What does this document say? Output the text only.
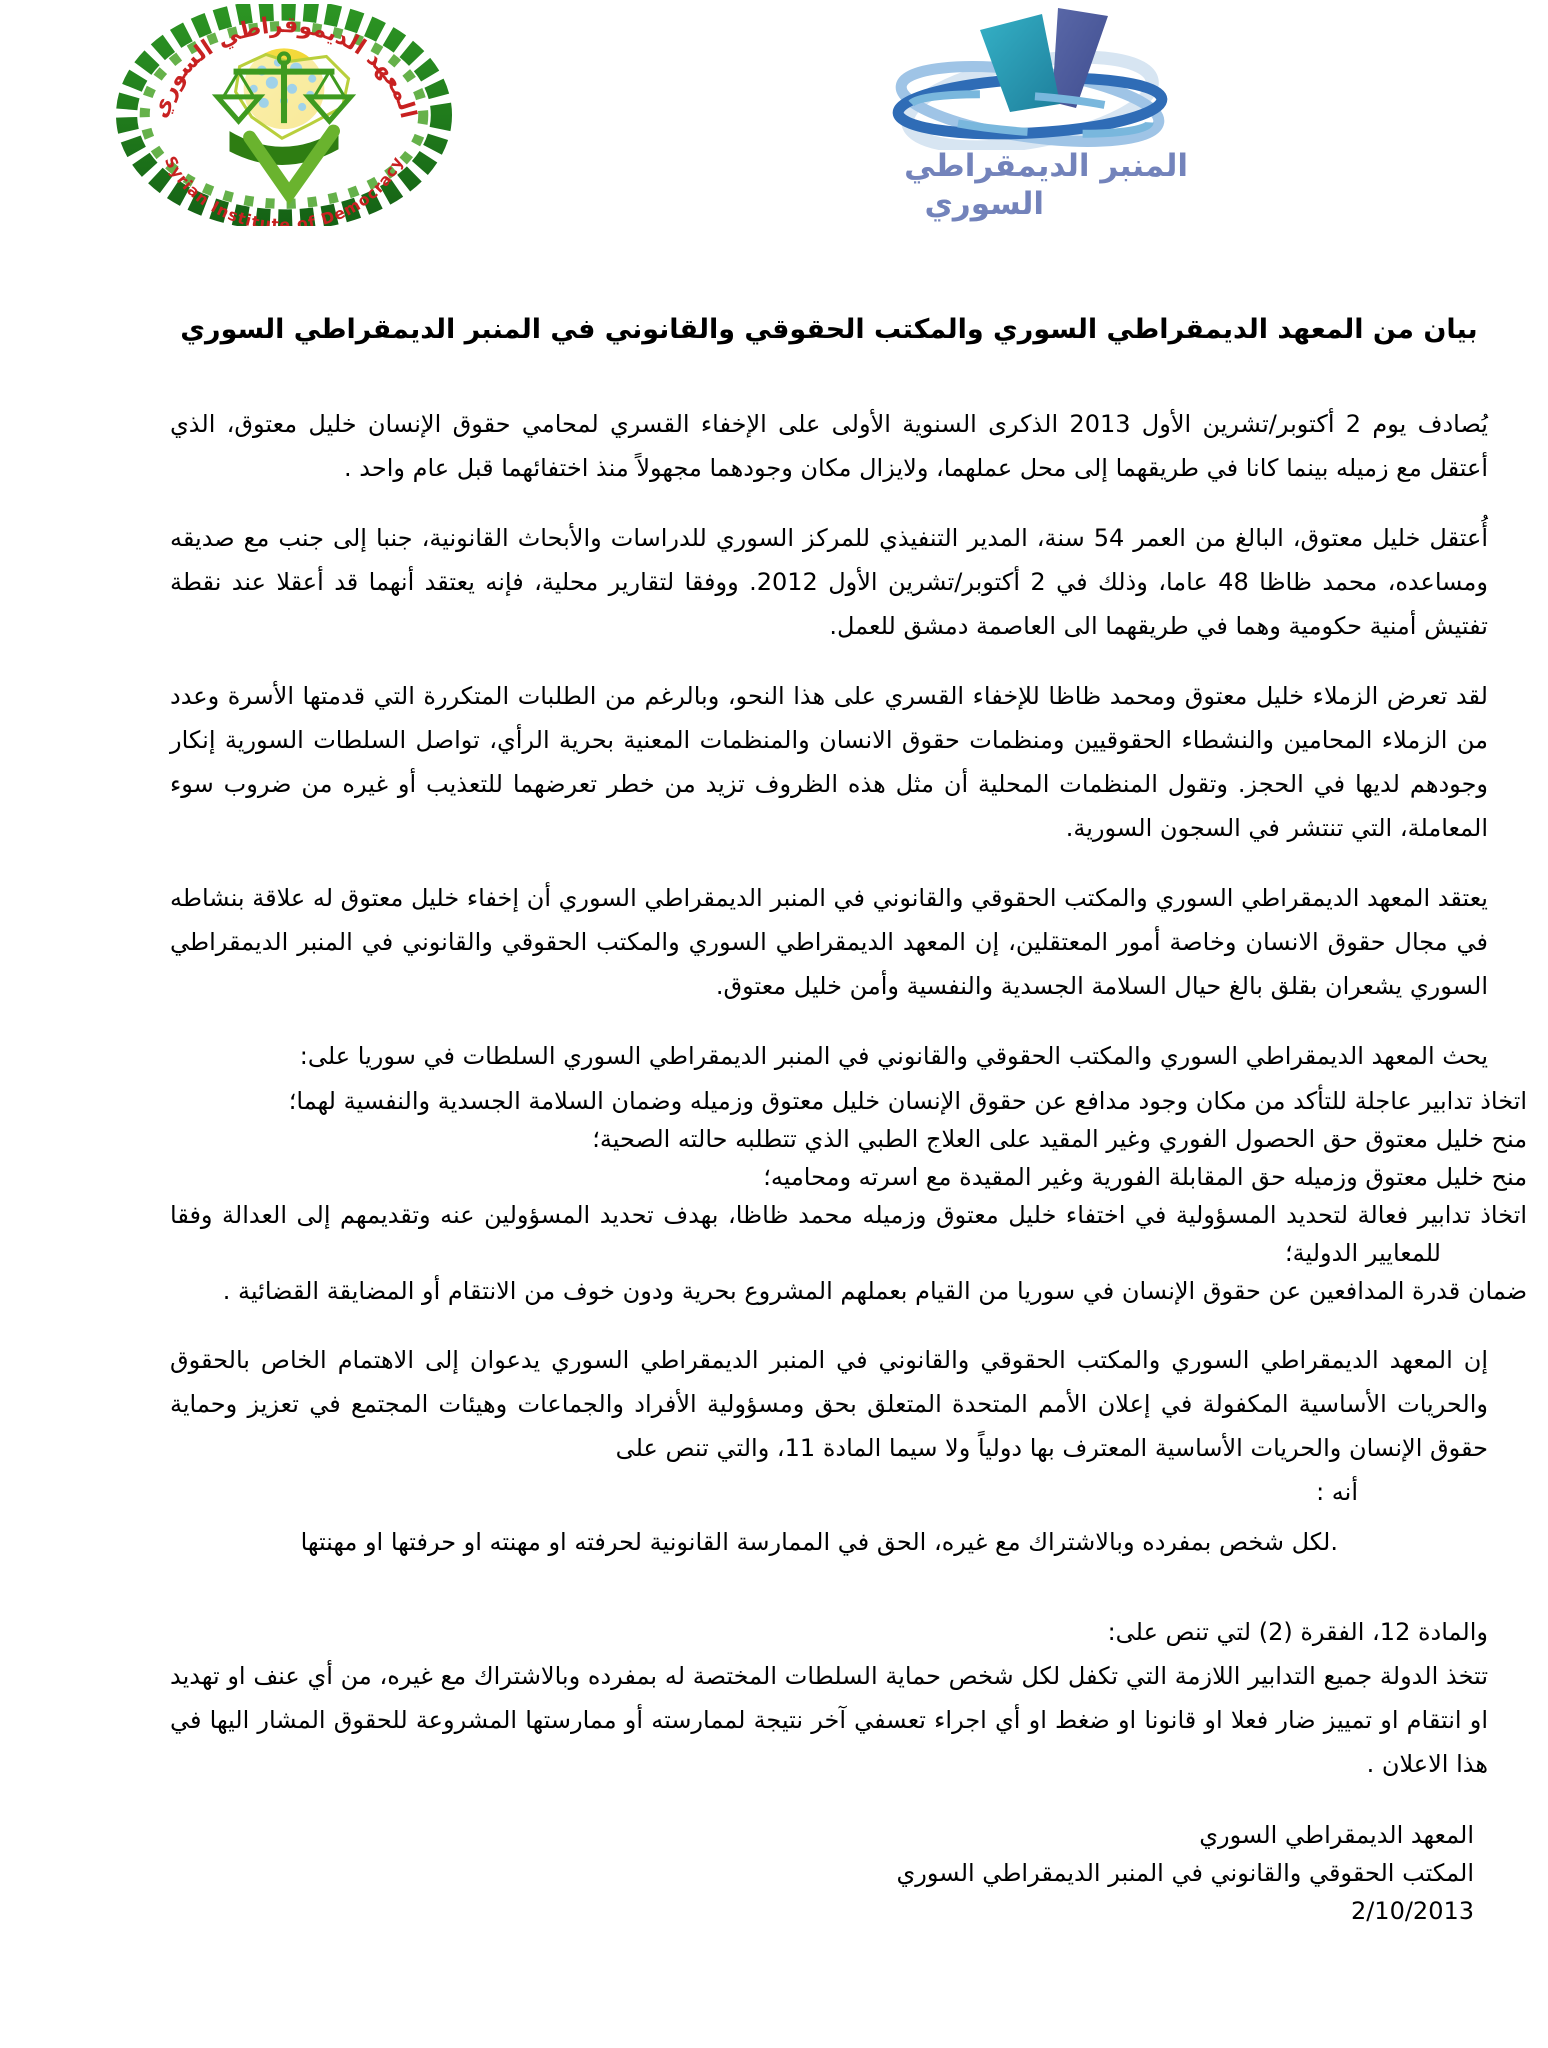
المعهد الديموقراطي السوري
Syrian Institute of Democracy	المنبر الديمقراطي
السوري
بيان من المعهد الديمقراطي السوري والمكتب الحقوقي والقانوني في المنبر الديمقراطي السوري

يُصادف يوم 2 أكتوبر/تشرين الأول 2013 الذكرى السنوية الأولى على الإخفاء القسري لمحامي حقوق الإنسان خليل معتوق، الذي أعتقل مع زميله بينما كانا في طريقهما إلى محل عملهما، ولايزال مكان وجودهما مجهولاً منذ اختفائهما قبل عام واحد .

أُعتقل خليل معتوق، البالغ من العمر 54 سنة، المدير التنفيذي للمركز السوري للدراسات والأبحاث القانونية، جنبا إلى جنب مع صديقه ومساعده، محمد ظاظا 48 عاما، وذلك في 2 أكتوبر/تشرين الأول 2012. ووفقا لتقارير محلية، فإنه يعتقد أنهما قد أعقلا عند نقطة تفتيش أمنية حكومية وهما في طريقهما الى العاصمة دمشق للعمل.

لقد تعرض الزملاء خليل معتوق ومحمد ظاظا للإخفاء القسري على هذا النحو، وبالرغم من الطلبات المتكررة التي قدمتها الأسرة وعدد من الزملاء المحامين والنشطاء الحقوقيين ومنظمات حقوق الانسان والمنظمات المعنية بحرية الرأي، تواصل السلطات السورية إنكار وجودهم لديها في الحجز. وتقول المنظمات المحلية أن مثل هذه الظروف تزيد من خطر تعرضهما للتعذيب أو غيره من ضروب سوء المعاملة، التي تنتشر في السجون السورية.

يعتقد المعهد الديمقراطي السوري والمكتب الحقوقي والقانوني في المنبر الديمقراطي السوري أن إخفاء خليل معتوق له علاقة بنشاطه في مجال حقوق الانسان وخاصة أمور المعتقلين، إن المعهد الديمقراطي السوري والمكتب الحقوقي والقانوني في المنبر الديمقراطي السوري يشعران بقلق بالغ حيال السلامة الجسدية والنفسية وأمن خليل معتوق.

يحث المعهد الديمقراطي السوري والمكتب الحقوقي والقانوني في المنبر الديمقراطي السوري السلطات في سوريا على:

اتخاذ تدابير عاجلة للتأكد من مكان وجود مدافع عن حقوق الإنسان خليل معتوق وزميله وضمان السلامة الجسدية والنفسية لهما؛
منح خليل معتوق حق الحصول الفوري وغير المقيد على العلاج الطبي الذي تتطلبه حالته الصحية؛
منح خليل معتوق وزميله حق المقابلة الفورية وغير المقيدة مع اسرته ومحاميه؛
اتخاذ تدابير فعالة لتحديد المسؤولية في اختفاء خليل معتوق وزميله محمد ظاظا، بهدف تحديد المسؤولين عنه وتقديمهم إلى العدالة وفقا للمعايير الدولية؛
ضمان قدرة المدافعين عن حقوق الإنسان في سوريا من القيام بعملهم المشروع بحرية ودون خوف من الانتقام أو المضايقة القضائية .

إن المعهد الديمقراطي السوري والمكتب الحقوقي والقانوني في المنبر الديمقراطي السوري يدعوان إلى الاهتمام الخاص بالحقوق والحريات الأساسية المكفولة في إعلان الأمم المتحدة المتعلق بحق ومسؤولية الأفراد والجماعات وهيئات المجتمع في تعزيز وحماية حقوق الإنسان والحريات الأساسية المعترف بها دولياً ولا سيما المادة 11، والتي تنص على

أنه :
.لكل شخص بمفرده وبالاشتراك مع غيره، الحق في الممارسة القانونية لحرفته او مهنته او حرفتها او مهنتها

والمادة 12، الفقرة (2) لتي تنص على:

تتخذ الدولة جميع التدابير اللازمة التي تكفل لكل شخص حماية السلطات المختصة له بمفرده وبالاشتراك مع غيره، من أي عنف او تهديد او انتقام او تمييز ضار فعلا او قانونا او ضغط او أي اجراء تعسفي آخر نتيجة لممارسته أو ممارستها المشروعة للحقوق المشار اليها في هذا الاعلان .

المعهد الديمقراطي السوري
المكتب الحقوقي والقانوني في المنبر الديمقراطي السوري
2/10/2013
